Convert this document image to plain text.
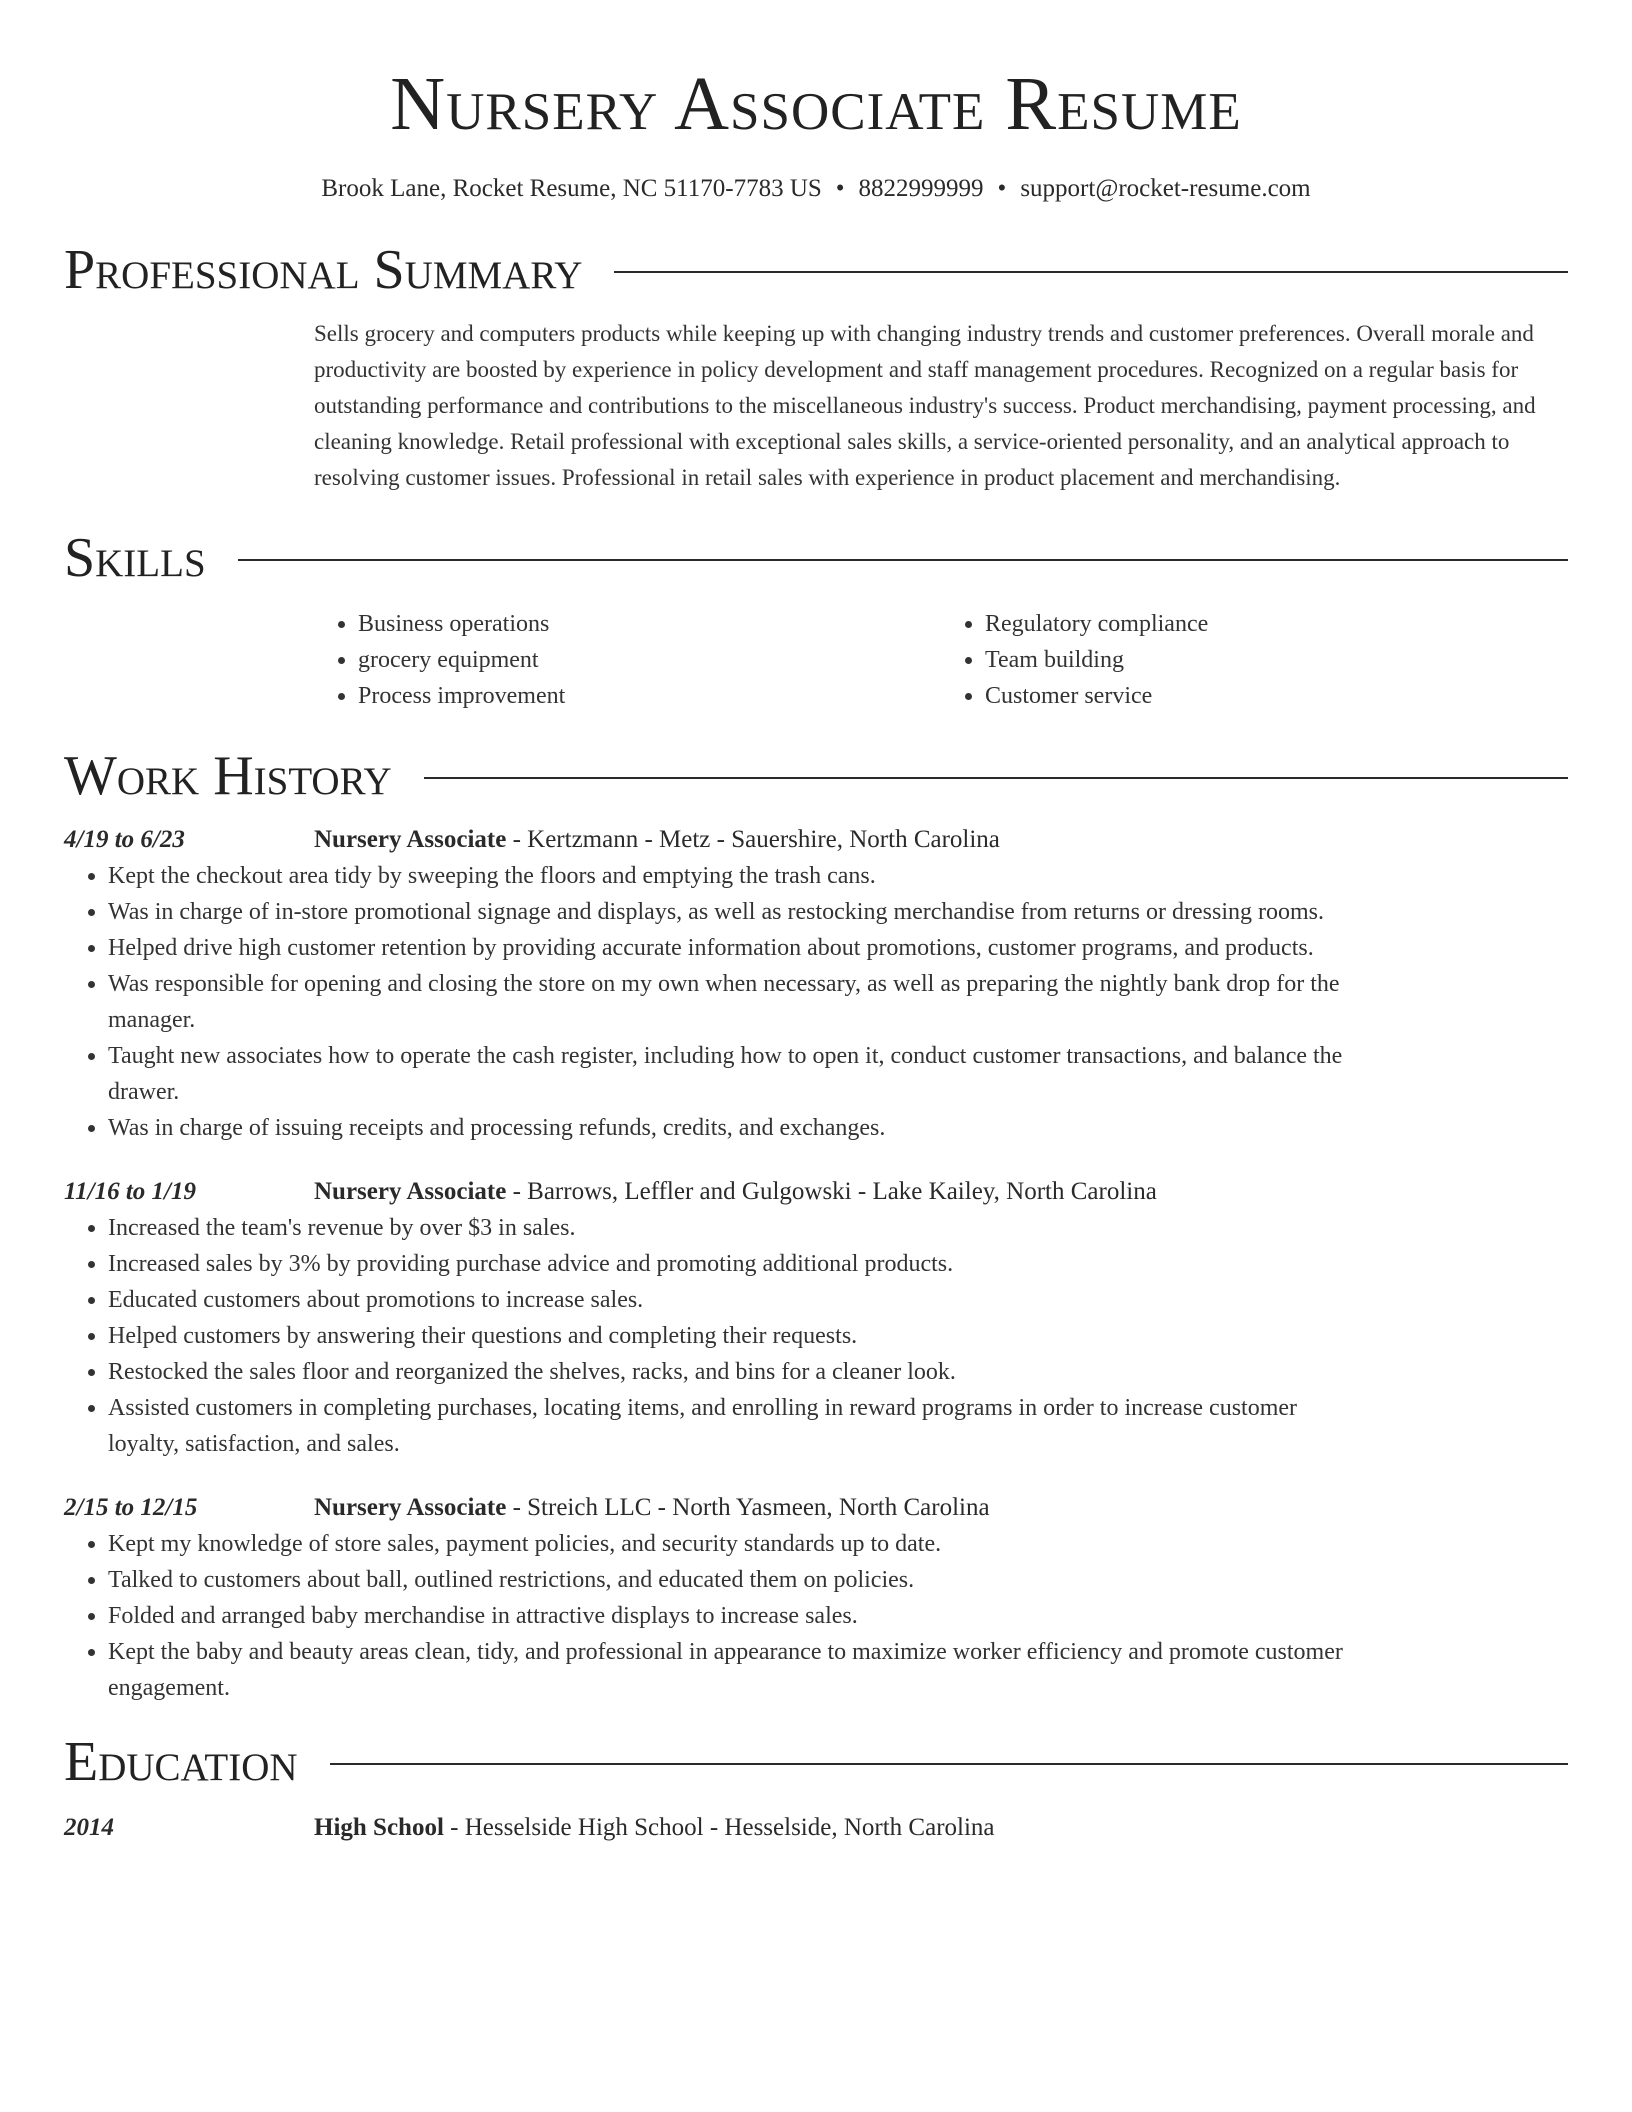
Nursery Associate Resume
Brook Lane, Rocket Resume, NC 51170-7783 US • 8822999999 • support@rocket-resume.com
Professional Summary
Sells grocery and computers products while keeping up with changing industry trends and customer preferences. Overall morale and productivity are boosted by experience in policy development and staff management procedures. Recognized on a regular basis for outstanding performance and contributions to the miscellaneous industry's success. Product merchandising, payment processing, and cleaning knowledge. Retail professional with exceptional sales skills, a service-oriented personality, and an analytical approach to resolving customer issues. Professional in retail sales with experience in product placement and merchandising.
Skills
• Business operations
• grocery equipment
• Process improvement
• Regulatory compliance
• Team building
• Customer service
Work History
4/19 to 6/23	Nursery Associate - Kertzmann - Metz - Sauershire, North Carolina
• Kept the checkout area tidy by sweeping the floors and emptying the trash cans.
• Was in charge of in-store promotional signage and displays, as well as restocking merchandise from returns or dressing rooms.
• Helped drive high customer retention by providing accurate information about promotions, customer programs, and products.
• Was responsible for opening and closing the store on my own when necessary, as well as preparing the nightly bank drop for the manager.
• Taught new associates how to operate the cash register, including how to open it, conduct customer transactions, and balance the drawer.
• Was in charge of issuing receipts and processing refunds, credits, and exchanges.
11/16 to 1/19	Nursery Associate - Barrows, Leffler and Gulgowski - Lake Kailey, North Carolina
• Increased the team's revenue by over $3 in sales.
• Increased sales by 3% by providing purchase advice and promoting additional products.
• Educated customers about promotions to increase sales.
• Helped customers by answering their questions and completing their requests.
• Restocked the sales floor and reorganized the shelves, racks, and bins for a cleaner look.
• Assisted customers in completing purchases, locating items, and enrolling in reward programs in order to increase customer loyalty, satisfaction, and sales.
2/15 to 12/15	Nursery Associate - Streich LLC - North Yasmeen, North Carolina
• Kept my knowledge of store sales, payment policies, and security standards up to date.
• Talked to customers about ball, outlined restrictions, and educated them on policies.
• Folded and arranged baby merchandise in attractive displays to increase sales.
• Kept the baby and beauty areas clean, tidy, and professional in appearance to maximize worker efficiency and promote customer engagement.
Education
2014	High School - Hesselside High School - Hesselside, North Carolina
